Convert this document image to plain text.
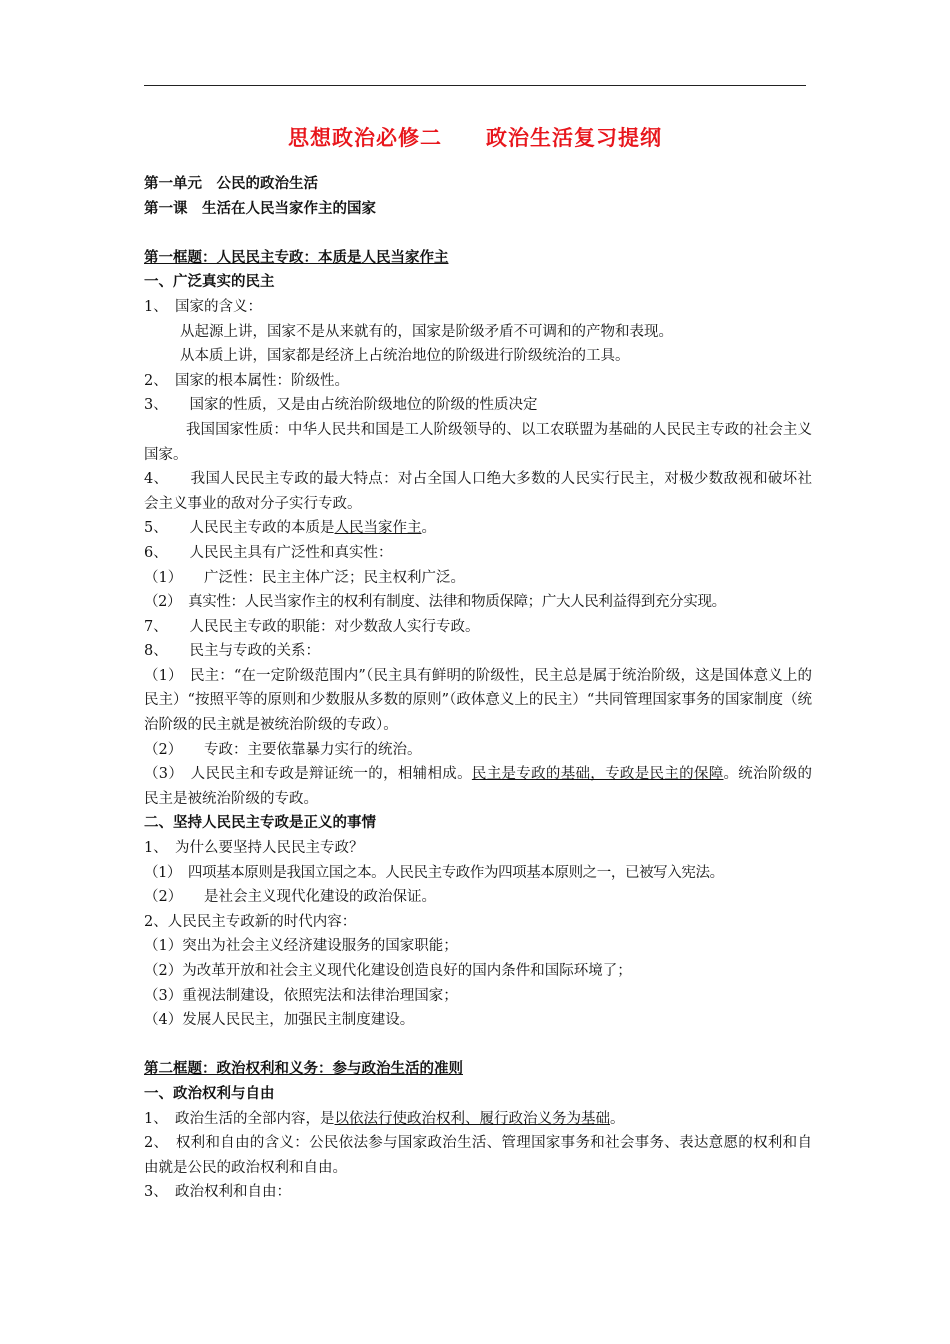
思想政治必修二 政治生活复习提纲
第一单元　公民的政治生活
第一课　生活在人民当家作主的国家
第一框题：人民民主专政：本质是人民当家作主
一、广泛真实的民主
1、　国家的含义：
从起源上讲，国家不是从来就有的，国家是阶级矛盾不可调和的产物和表现。
从本质上讲，国家都是经济上占统治地位的阶级进行阶级统治的工具。
2、　国家的根本属性：阶级性。
3、　　国家的性质，又是由占统治阶级地位的阶级的性质决定
我国国家性质：中华人民共和国是工人阶级领导的、以工农联盟为基础的人民民主专政的社会主义国家。
4、　　我国人民民主专政的最大特点：对占全国人口绝大多数的人民实行民主，对极少数敌视和破坏社会主义事业的敌对分子实行专政。
5、　　人民民主专政的本质是人民当家作主。
6、　　人民民主具有广泛性和真实性：
（1）　　广泛性：民主主体广泛；民主权利广泛。
（2）　真实性：人民当家作主的权利有制度、法律和物质保障；广大人民利益得到充分实现。
7、　　人民民主专政的职能：对少数敌人实行专政。
8、　　民主与专政的关系：
（1）　民主：“在一定阶级范围内”（民主具有鲜明的阶级性，民主总是属于统治阶级，这是国体意义上的民主）“按照平等的原则和少数服从多数的原则”（政体意义上的民主）“共同管理国家事务的国家制度（统治阶级的民主就是被统治阶级的专政）。
（2）　　专政：主要依靠暴力实行的统治。
（3）　人民民主和专政是辩证统一的，相辅相成。民主是专政的基础，专政是民主的保障。统治阶级的民主是被统治阶级的专政。
二、坚持人民民主专政是正义的事情
1、　为什么要坚持人民民主专政？
（1）　四项基本原则是我国立国之本。人民民主专政作为四项基本原则之一，已被写入宪法。
（2）　　是社会主义现代化建设的政治保证。
2、人民民主专政新的时代内容：
（1）突出为社会主义经济建设服务的国家职能；
（2）为改革开放和社会主义现代化建设创造良好的国内条件和国际环境了；
（3）重视法制建设，依照宪法和法律治理国家；
（4）发展人民民主，加强民主制度建设。
第二框题：政治权利和义务：参与政治生活的准则
一、政治权利与自由
1、　政治生活的全部内容，是以依法行使政治权利、履行政治义务为基础。
2、　权利和自由的含义：公民依法参与国家政治生活、管理国家事务和社会事务、表达意愿的权利和自由就是公民的政治权利和自由。
3、　政治权利和自由：
